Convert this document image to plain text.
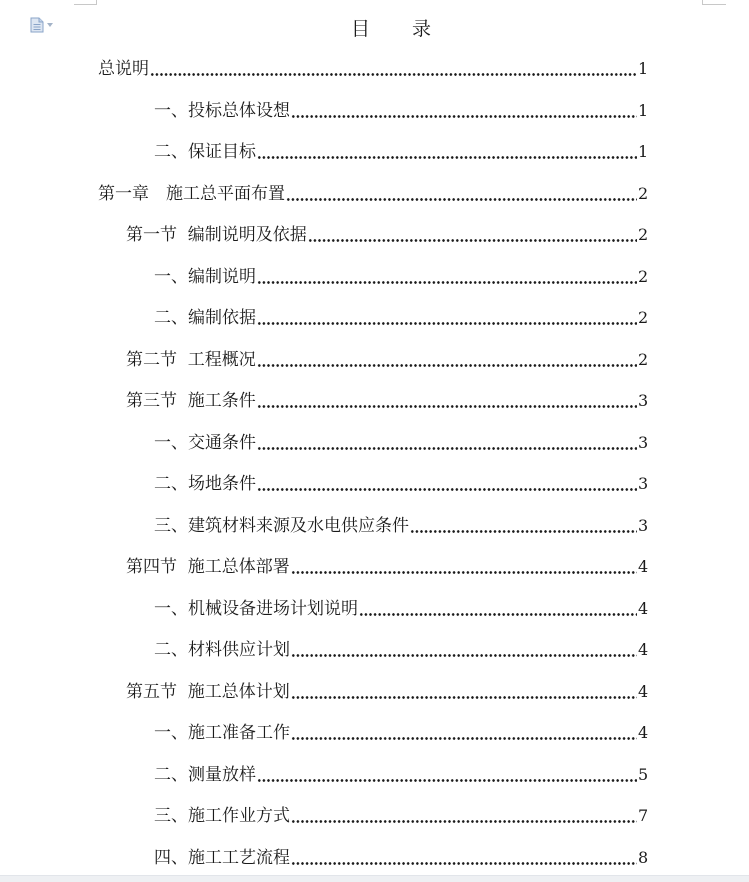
目 录
总说明	1
一、投标总体设想	1
二、保证目标	1
第一章　施工总平面布置	2
第一节  编制说明及依据	2
一、编制说明	2
二、编制依据	2
第二节  工程概况	2
第三节  施工条件	3
一、交通条件	3
二、场地条件	3
三、建筑材料来源及水电供应条件	3
第四节  施工总体部署	4
一、机械设备进场计划说明	4
二、材料供应计划	4
第五节  施工总体计划	4
一、施工准备工作	4
二、测量放样	5
三、施工作业方式	7
四、施工工艺流程	8
